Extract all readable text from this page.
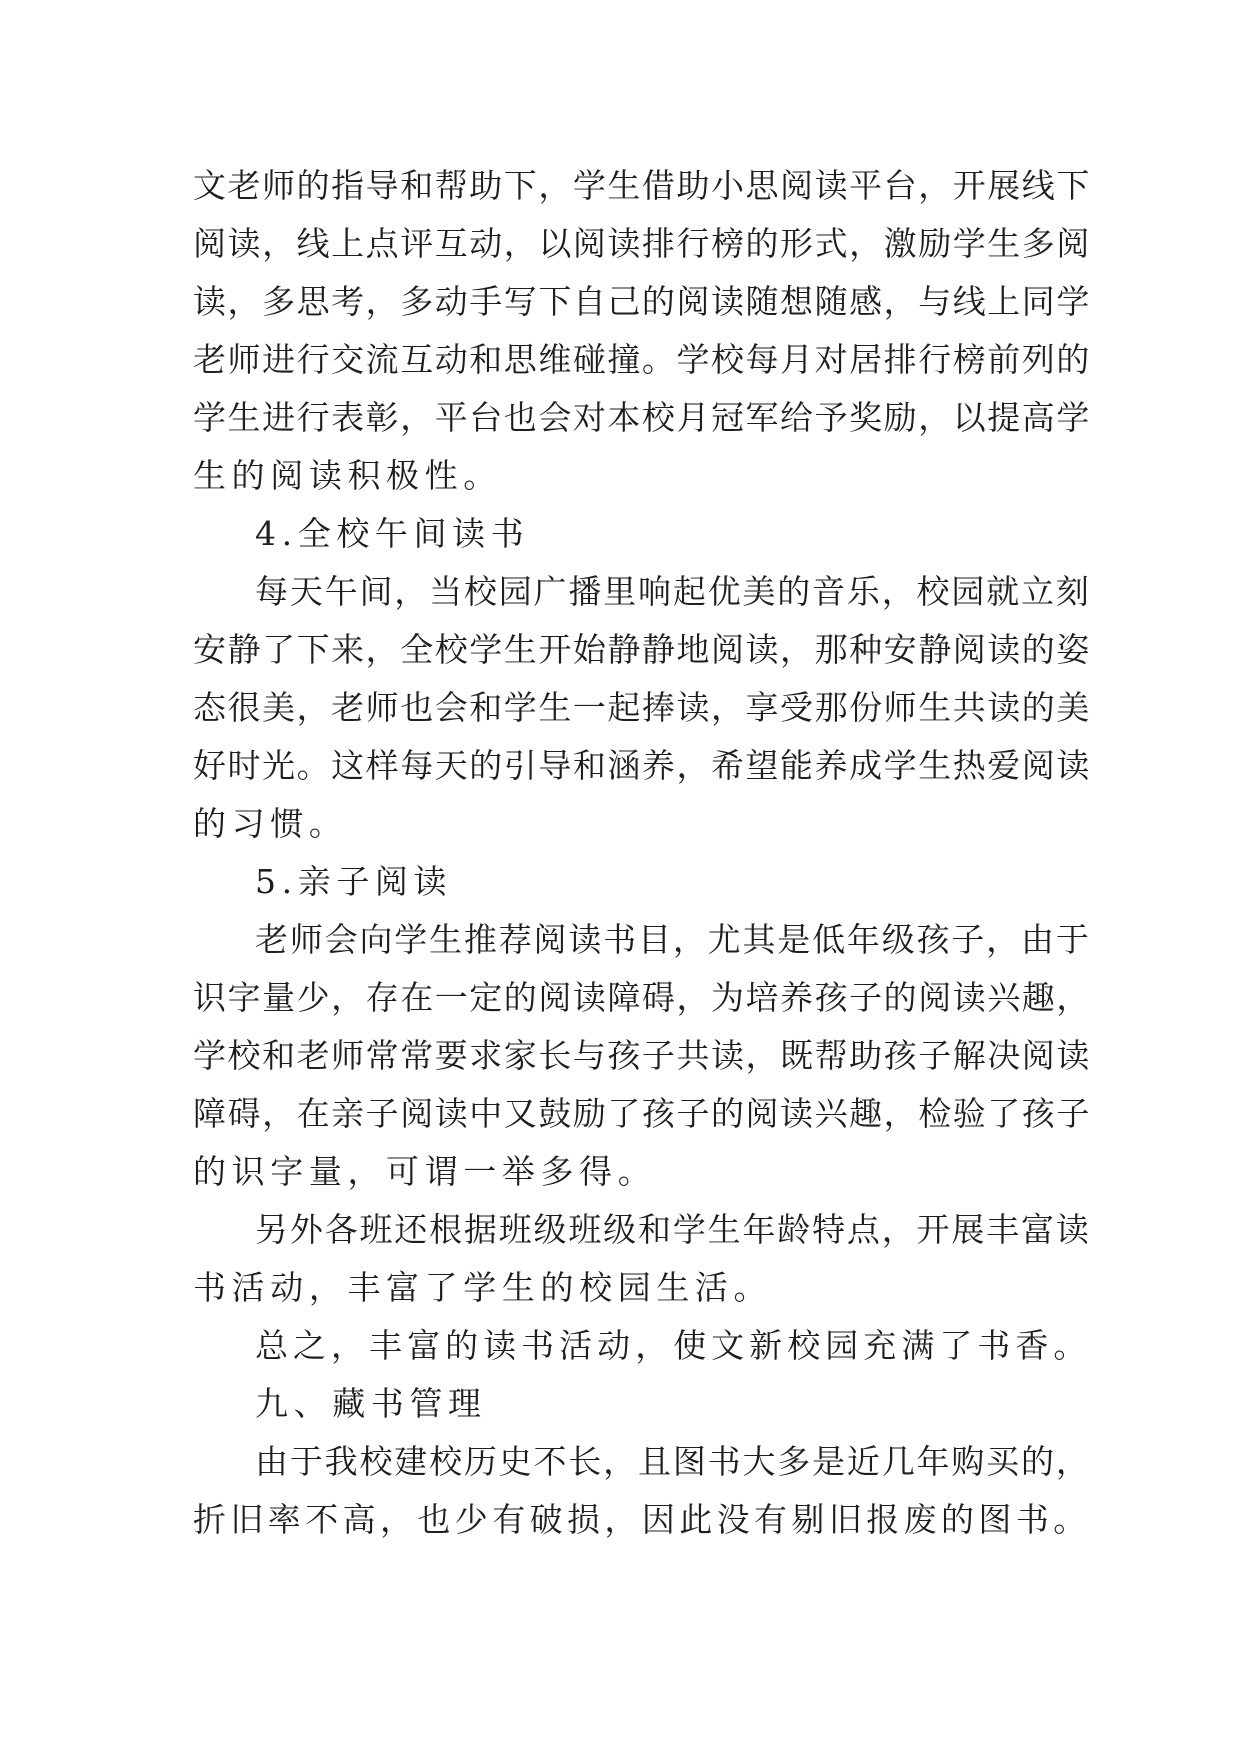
文老师的指导和帮助下，学生借助小思阅读平台，开展线下
阅读，线上点评互动，以阅读排行榜的形式，激励学生多阅
读，多思考，多动手写下自己的阅读随想随感，与线上同学
老师进行交流互动和思维碰撞。学校每月对居排行榜前列的
学生进行表彰，平台也会对本校月冠军给予奖励，以提高学
生的阅读积极性。
4.全校午间读书
每天午间，当校园广播里响起优美的音乐，校园就立刻
安静了下来，全校学生开始静静地阅读，那种安静阅读的姿
态很美，老师也会和学生一起捧读，享受那份师生共读的美
好时光。这样每天的引导和涵养，希望能养成学生热爱阅读
的习惯。
5.亲子阅读
老师会向学生推荐阅读书目，尤其是低年级孩子，由于
识字量少，存在一定的阅读障碍，为培养孩子的阅读兴趣，
学校和老师常常要求家长与孩子共读，既帮助孩子解决阅读
障碍，在亲子阅读中又鼓励了孩子的阅读兴趣，检验了孩子
的识字量，可谓一举多得。
另外各班还根据班级班级和学生年龄特点，开展丰富读
书活动，丰富了学生的校园生活。
总之，丰富的读书活动，使文新校园充满了书香。
九、藏书管理
由于我校建校历史不长，且图书大多是近几年购买的，
折旧率不高，也少有破损，因此没有剔旧报废的图书。
